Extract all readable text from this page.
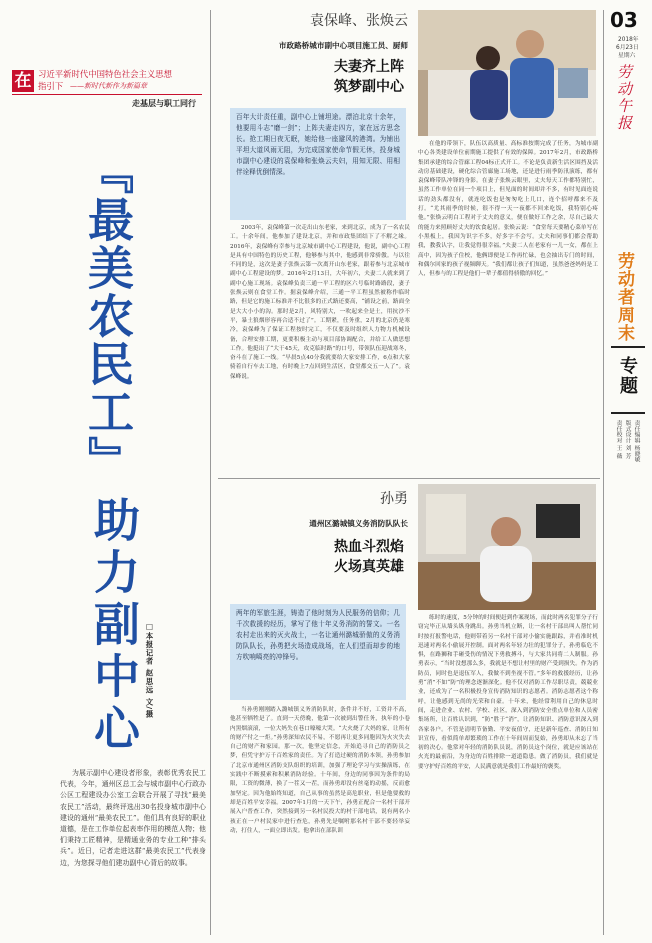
在 习近平新时代中国特色社会主义思想
指引下 ——新时代新作为新篇章
走基层与职工同行
『最美农民工』
助力副中心 □本报记者 赵思远 文/摄
为展示副中心建设者形象，表彰优秀农民工代表，今年，通州区总工会与城市副中心行政办公区工程建设办公室工会联合开展了寻找“最美农民工”活动，最终评选出30名投身城市副中心建设的通州“最美农民工”。他们具有良好的职业道德，是在工作单位起表率作用的模范人物；他们秉持工匠精神，是精通业务的专业工种“排头兵”。近日，记者走进这群“最美农民工”代表身边，为您探寻他们建功副中心背后的故事。
袁保峰、张焕云
市政路桥城市副中心项目施工员、厨师
夫妻齐上阵
筑梦副中心
百年大计责任重，副中心上铺坦途。漂泊北京十余年，他要用斗志“磨一剑”；上阵夫妻走四方，家在远方思念长。抢工期日夜无眠，她给他一座避风的港湾。为铺出平坦大道风雨无阻，为完成国家使命节假无休，投身城市副中心建设的袁保峰和张焕云夫妇，用知无限、用相伴诠释优倒情深。
2003年，袁保峰第一次走出山东老家，来到北京，成为了一名农民工。十余年间，他参加了建设北京，并和市政集团结下了不解之缘。2016年，袁保峰有幸参与北京城市副中心工程建设，他说，副中心工程是具有中国特色的历史工程，他够参与其中，他感到非常骄傲。与以往不同的是，这次是妻子张焕云第一次离开山东老家，跟着参与北京城市副中心工程建设的梦。2016年2月13日，大年初六，夫妻二人就来到了副中心施工现场。袁保峰负责三通一平工程的区六号临时路路段，妻子张焕云则在食堂工作。据袁保峰介绍，三通一平工程虽然被称作临时路，但是它的施工标准并不比很多的正式路还要高，“铺设之前，路面全是大大小小的沟。那时是2月，风特别大，一吹起来全是土，用抗沙不平，暴土狼烟形容再合适不过了”。工期紧，任务重，2月的北京仍是寒冷，袁保峰为了保证工程按时完工，不仅要及时组织人力物力机械设备，合理安排工期，更要积极主动与项目部协调配合，并给工人做思想工作。他挺出了“大干45天，攻克临时路”的口号，带领队伍迎战寒冬，奋斗在了施工一线。“早晨5点40分我就要给大家安排工作，6点和大家骑着自行车去工地，有时晚上7点回到生活区，食堂都交五一人了”。袁保峰说。
在他的带领下，队伍以高质量、高标准按期完成了任务，为城市副中心各类建设单位前期施工提供了有效的保障。2017年2月，市政路桥集团承建的综合管廊工程04标正式开工。不论是负责新生活区围挡及活动房基础建设，硬化综合管廊施工场地，还是进行雨季防汛演练，都有袁保峰带队冲锋的身影。在妻子张焕云眼里，丈夫每天工作都特别忙，虽然工作单位在同一个项目上，但见面的时间却并不多，有时见面连说话的劲头都没有，就连吃饭也是匆匆吃上几口，连个招呼都来不及打。“尤其雨季的时候，很不得一天一夜都不回来吃饭，我特别心疼他。”张焕云明白工程对于丈夫的意义，便在做好工作之余，尽自己最大的能力来照顾好丈夫的饮食起居。张焕云说：“食堂每天要精心菜单写在小黑板上，我因为识字不多，好多字不会写。丈夫和同事们都会帮助我，教我认字，让我觉得很幸福。”夫妻二人在老家有一儿一女，都在上高中，因为孩子住校，他俩即便是工作再忙碌，也会抽出专门的时间，和偶尔回家的孩子视频聊天。“我们都让孩子们知道，虽然爸爸妈妈是工人，但参与的工程是他们一辈子都值得骄傲的回忆。”
孙勇
通州区潞城镇义务消防队队长
热血斗烈焰
火场真英雄
两年的军旅生涯，铸造了他时刻为人民服务的信仰；几千次救援的经历，掌写了他十年义务消防的誓文。一名农村走出来的灭火战士，一名让通州潞城骄傲的义务消防队队长，孙勇把火场造成战场，在人们望而却步的地方吹响噶亮的冲锋号。
当孙勇刚刚踏入潞城镇义务消防队时，条件并不好，工资并不高，他甚至牺牲是了。直到一天傍晚，他第一次被到出警任务，执年的小卷内黑烟滚滚，一位大妈失在巷口嚎嚎大哭。“大火烧了大妈的家，让所有的财产付之一炬。”孙勇深知农民不易，不愿再让更多同胞因为火灾失去自己的财产和家园。那一次，他坚定信念，开始追寻自己的消防员之梦，但凭守护万千百姓家的责任。为了打造过硬的消防本领，孙勇参加了北京市通州区消防支队组织的培训，加强了理论学习与实操演练，在实践中不断摸索和积累消防经验。十年间，身边的同事因为条件的局限，工资的微薄，换了一茬又一茬，而孙勇却没有丝毫的动摇，反而愈加坚定。因为他始终知道，自己从事的虽然是高危职业，但是他要救的却是百姓平安幸福。2007年1月的一天下午，孙勇正配合一名村干部开展入户普查工作，突然接到另一名村民投大的村干部电话，说有两名小孩正在一户村民家中进行查危，孙勇先是嘱咐那名村干部不要轻举妄动，打住人，一面立即出发。他拿出在部队训
练时的速度，5分钟的时间便赶到作案现场，而此时两名犯罪分子行窃完毕正从墙头纵身跳出。孙勇当机立断，让一名村干部出叫人帮忙同时按打报警电话，他则带着另一名村干部对小偷实施跟踪，并看准时机迅速对两名小偷展开控制。面对两名年轻力壮的犯罪分子，孙勇临危不惧，在路狮和手砸受伤的情况下勇救搏斗，与大家共同将二人制服。孙勇表示，“当时没想那么多，我就是不想让村里的财产受到损失。作为消防员，同时也是退伍军人，我做不到坐视不管。”多年的救援经历，让孙勇“消”不如“防”的理念逐渐深化。他不仅对消防工作尽职尽责，兢兢业业，还成为了一名积极投身宣传消防知识的志愿者。消防志愿者这个称呼，让他感到无尚的光荣和自豪。十年来，他经常利用自己的休息时间，走进企业、农村、学校、社区，深入到消防安全重点单位和人员密集场所，让百姓认识到，“防”胜于“消”，让消防知识、消防意识深入到各家各户。不管是清明节备勤、平安夜值守，还是新年巡查、消防日知识宣传，看似简单却繁琐的工作在十年间周而复始，孙勇却从未忘了当初的决心。他常对年轻的消防队员说，消防员这个岗位，就是应该站在火光的最前沿，为身边的百姓排除一道道隐患。做了消防员，我们就是要守护好百姓的平安，人民满意就是我们工作最好的褒奖。
03
2018年
6月23日
星期六
劳动午报
劳动者周末
专题
责任编辑 杨晓敏
版式设计 刘 芳
责任校对 王 薇
